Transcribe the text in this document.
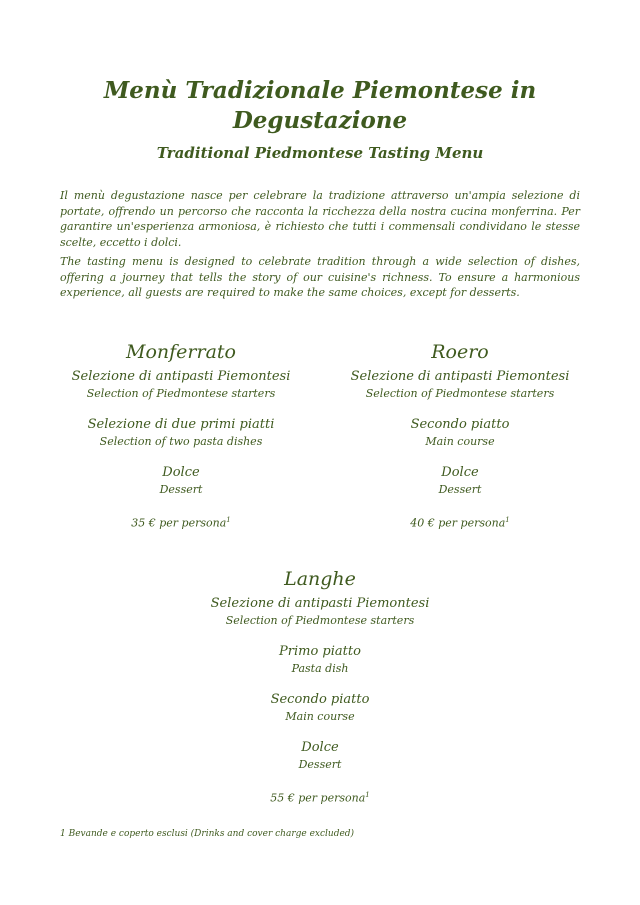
Menù Tradizionale Piemontese in Degustazione
Traditional Piedmontese Tasting Menu
Il menù degustazione nasce per celebrare la tradizione attraverso un'ampia selezione di portate, offrendo un percorso che racconta la ricchezza della nostra cucina monferrina. Per garantire un'esperienza armoniosa, è richiesto che tutti i commensali condividano le stesse scelte, eccetto i dolci.
The tasting menu is designed to celebrate tradition through a wide selection of dishes, offering a journey that tells the story of our cuisine's richness. To ensure a harmonious experience, all guests are required to make the same choices, except for desserts.
Monferrato
Selezione di antipasti Piemontesi
Selection of Piedmontese starters
Selezione di due primi piatti
Selection of two pasta dishes
Dolce
Dessert
35 € per persona$^1$
Roero
Selezione di antipasti Piemontesi
Selection of Piedmontese starters
Secondo piatto
Main course
Dolce
Dessert
40 € per persona$^1$
Langhe
Selezione di antipasti Piemontesi
Selection of Piedmontese starters
Primo piatto
Pasta dish
Secondo piatto
Main course
Dolce
Dessert
55 € per persona$^1$
1 Bevande e coperto esclusi (Drinks and cover charge excluded)
